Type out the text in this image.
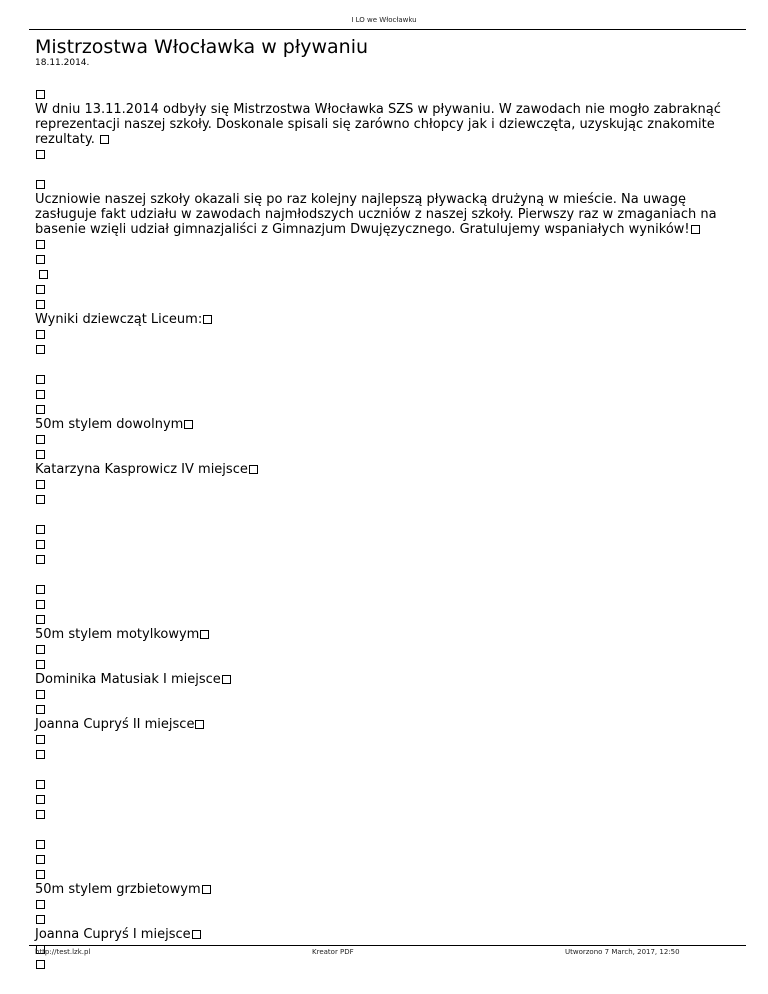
I LO we Włocławku
Mistrzostwa Włocławka w pływaniu
18.11.2014.
W dniu 13.11.2014 odbyły się Mistrzostwa Włocławka SZS w pływaniu. W zawodach nie mogło zabraknąć reprezentacji naszej szkoły. Doskonale spisali się zarówno chłopcy jak i dziewczęta, uzyskując znakomite rezultaty.
Uczniowie naszej szkoły okazali się po raz kolejny najlepszą pływacką drużyną w mieście. Na uwagę zasługuje fakt udziału w zawodach najmłodszych uczniów z naszej szkoły. Pierwszy raz w zmaganiach na basenie wzięli udział gimnazjaliści z Gimnazjum Dwujęzycznego. Gratulujemy wspaniałych wyników!
Wyniki dziewcząt Liceum:
50m stylem dowolnym
Katarzyna Kasprowicz IV miejsce
50m stylem motylkowym
Dominika Matusiak I miejsce
Joanna Cupryś II miejsce
50m stylem grzbietowym
Joanna Cupryś I miejsce
http://test.lzk.pl	Kreator PDF	Utworzono 7 March, 2017, 12:50
